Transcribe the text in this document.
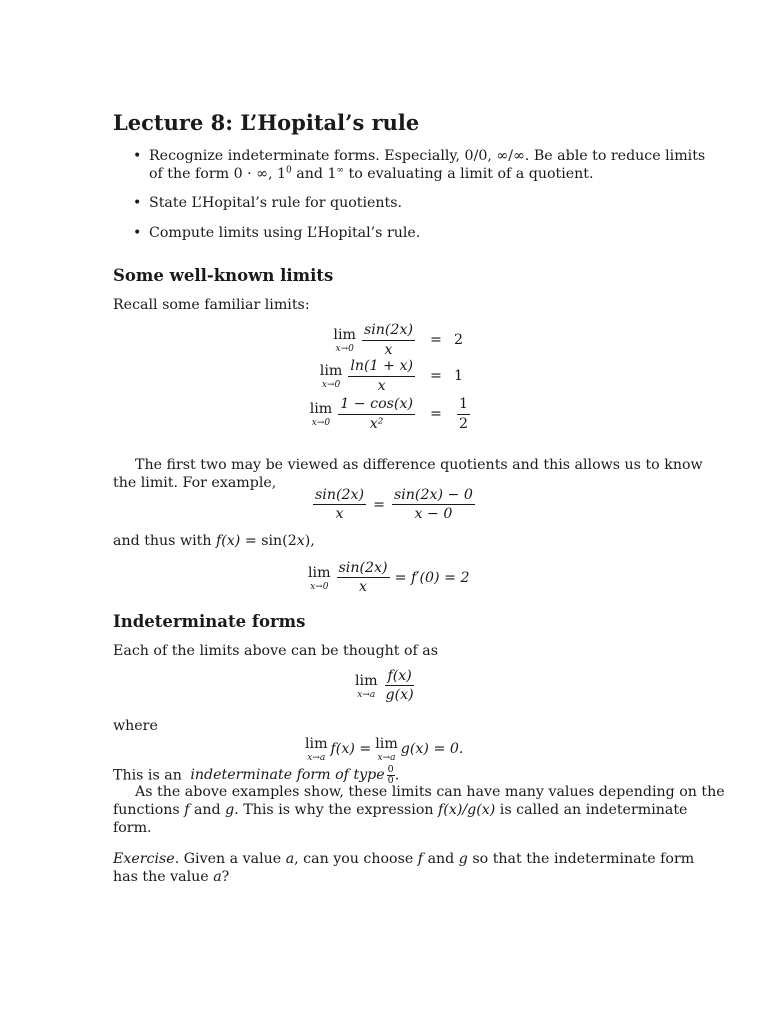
Lecture 8: L’Hopital’s rule
• Recognize indeterminate forms. Especially, 0/0, ∞/∞. Be able to reduce limits
of the form 0 · ∞, $1^0$ and 1∞ to evaluating a limit of a quotient.
• State L’Hopital’s rule for quotients.
• Compute limits using L’Hopital’s rule.
Some well-known limits
Recall some familiar limits:
lim
$x\to 0 \frac{\sin(2x)}{x}$	= 2
lim
$x\to 0 \frac{\ln(1 + x)}{x}$	= 1
lim
$x\to 0 \frac{1 - \cos(x)}{\text{x²}}$	=	$\frac{1}{2}$
The first two may be viewed as difference quotients and this allows us to know
the limit. For example,
$\frac{\sin(2x)}{x} = \frac{\sin(2x) - 0}{x - 0}$
and thus with f(x) = sin(2x),
lim
$x\to 0 \frac{\sin(2x)}{x} = f'(0) = 2$
Indeterminate forms
Each of the limits above can be thought of as
lim
$x\to a \frac{f(x)}{g(x)}$
where
lim
x→a
f(x) = lim
x→a
g(x) = 0.
This is an indeterminate form of type $\frac{0}{0}$ .
As the above examples show, these limits can have many values depending on the
functions f and g. This is why the expression f(x)/g(x) is called an indeterminate
form.
Exercise. Given a value a, can you choose f and g so that the indeterminate form
has the value a?
